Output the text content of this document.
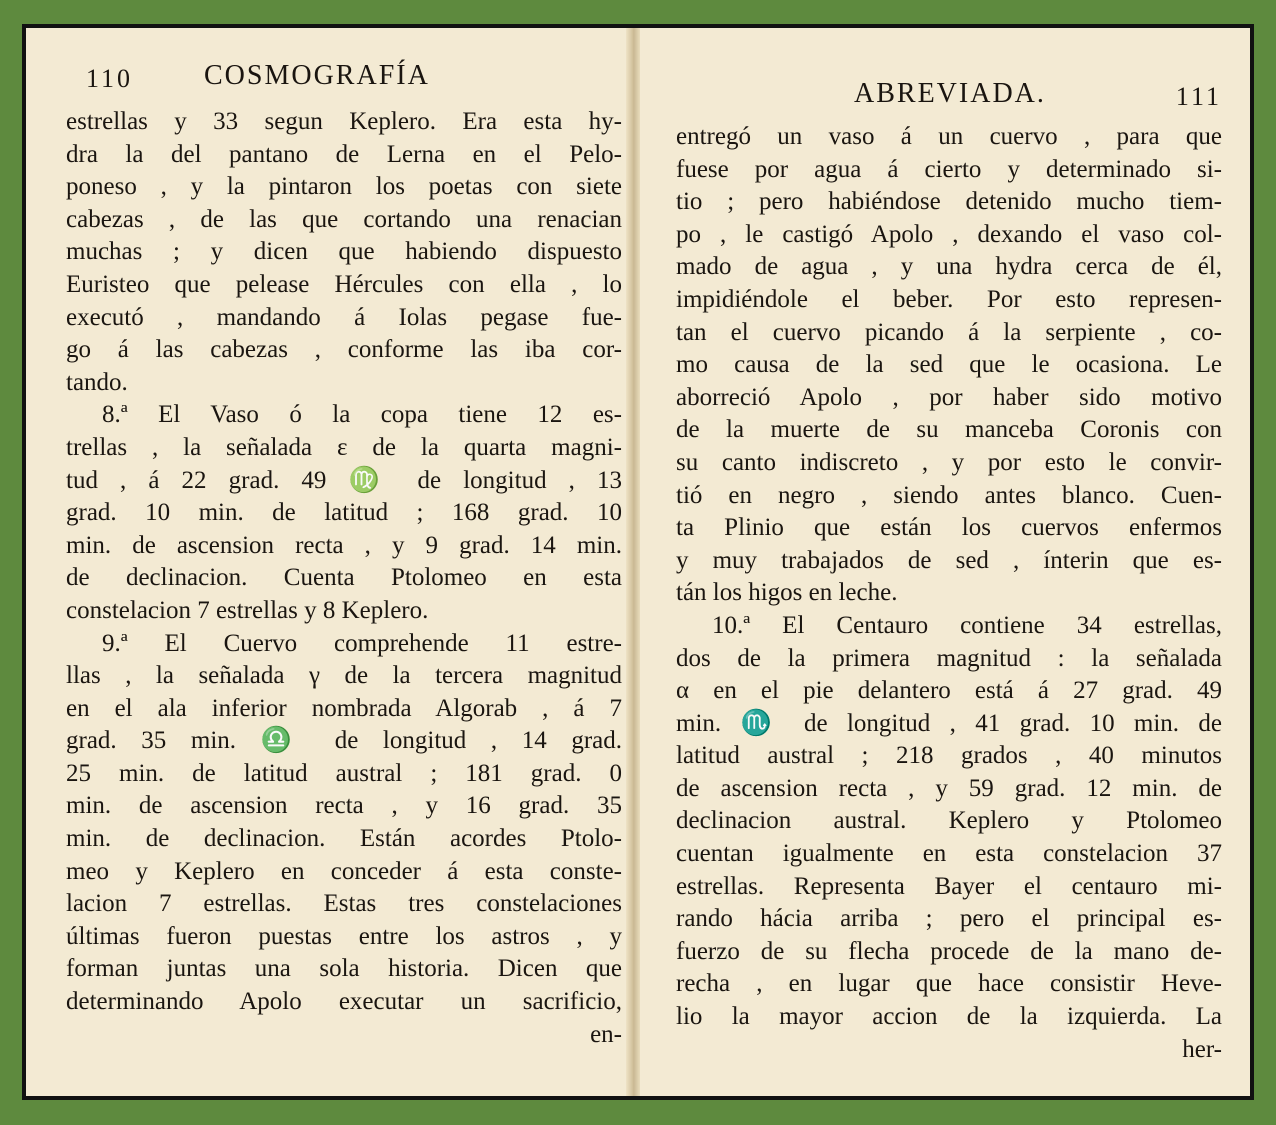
110	COSMOGRAFÍA
estrellas y 33 segun Keplero. Era esta hy-
dra la del pantano de Lerna en el Pelo-
poneso , y la pintaron los poetas con siete
cabezas , de las que cortando una renacian
muchas ; y dicen que habiendo dispuesto
Euristeo que pelease Hércules con ella , lo
executó , mandando á Iolas pegase fue-
go á las cabezas , conforme las iba cor-
tando.
8.ª El Vaso ó la copa tiene 12 es-
trellas , la señalada ε de la quarta magni-
tud , á 22 grad. 49 ♍ de longitud , 13
grad. 10 min. de latitud ; 168 grad. 10
min. de ascension recta , y 9 grad. 14 min.
de declinacion. Cuenta Ptolomeo en esta
constelacion 7 estrellas y 8 Keplero.
9.ª El Cuervo comprehende 11 estre-
llas , la señalada γ de la tercera magnitud
en el ala inferior nombrada Algorab , á 7
grad. 35 min. ♎ de longitud , 14 grad.
25 min. de latitud austral ; 181 grad. 0
min. de ascension recta , y 16 grad. 35
min. de declinacion. Están acordes Ptolo-
meo y Keplero en conceder á esta conste-
lacion 7 estrellas. Estas tres constelaciones
últimas fueron puestas entre los astros , y
forman juntas una sola historia. Dicen que
determinando Apolo executar un sacrificio,
en-
ABREVIADA.	111
entregó un vaso á un cuervo , para que
fuese por agua á cierto y determinado si-
tio ; pero habiéndose detenido mucho tiem-
po , le castigó Apolo , dexando el vaso col-
mado de agua , y una hydra cerca de él,
impidiéndole el beber. Por esto represen-
tan el cuervo picando á la serpiente , co-
mo causa de la sed que le ocasiona. Le
aborreció Apolo , por haber sido motivo
de la muerte de su manceba Coronis con
su canto indiscreto , y por esto le convir-
tió en negro , siendo antes blanco. Cuen-
ta Plinio que están los cuervos enfermos
y muy trabajados de sed , ínterin que es-
tán los higos en leche.
10.ª El Centauro contiene 34 estrellas,
dos de la primera magnitud : la señalada
α en el pie delantero está á 27 grad. 49
min. ♏ de longitud , 41 grad. 10 min. de
latitud austral ; 218 grados , 40 minutos
de ascension recta , y 59 grad. 12 min. de
declinacion austral. Keplero y Ptolomeo
cuentan igualmente en esta constelacion 37
estrellas. Representa Bayer el centauro mi-
rando hácia arriba ; pero el principal es-
fuerzo de su flecha procede de la mano de-
recha , en lugar que hace consistir Heve-
lio la mayor accion de la izquierda. La
her-
